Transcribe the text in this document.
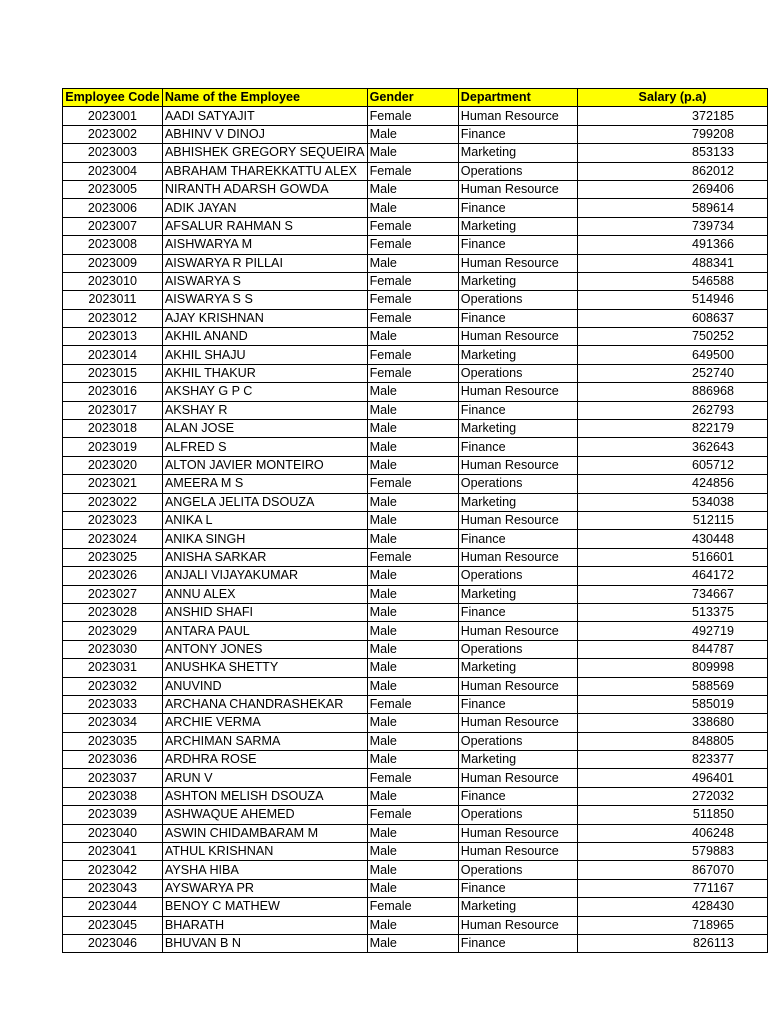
Employee Code	Name of the Employee	Gender	Department	Salary (p.a)
2023001	AADI SATYAJIT	Female	Human Resource	372185
2023002	ABHINV V DINOJ	Male	Finance	799208
2023003	ABHISHEK GREGORY SEQUEIRA	Male	Marketing	853133
2023004	ABRAHAM THAREKKATTU ALEX	Female	Operations	862012
2023005	NIRANTH ADARSH GOWDA	Male	Human Resource	269406
2023006	ADIK JAYAN	Male	Finance	589614
2023007	AFSALUR RAHMAN S	Female	Marketing	739734
2023008	AISHWARYA M	Female	Finance	491366
2023009	AISWARYA R PILLAI	Male	Human Resource	488341
2023010	AISWARYA S	Female	Marketing	546588
2023011	AISWARYA S S	Female	Operations	514946
2023012	AJAY KRISHNAN	Female	Finance	608637
2023013	AKHIL ANAND	Male	Human Resource	750252
2023014	AKHIL SHAJU	Female	Marketing	649500
2023015	AKHIL THAKUR	Female	Operations	252740
2023016	AKSHAY G P C	Male	Human Resource	886968
2023017	AKSHAY R	Male	Finance	262793
2023018	ALAN JOSE	Male	Marketing	822179
2023019	ALFRED S	Male	Finance	362643
2023020	ALTON JAVIER MONTEIRO	Male	Human Resource	605712
2023021	AMEERA M S	Female	Operations	424856
2023022	ANGELA JELITA DSOUZA	Male	Marketing	534038
2023023	ANIKA L	Male	Human Resource	512115
2023024	ANIKA SINGH	Male	Finance	430448
2023025	ANISHA SARKAR	Female	Human Resource	516601
2023026	ANJALI VIJAYAKUMAR	Male	Operations	464172
2023027	ANNU ALEX	Male	Marketing	734667
2023028	ANSHID SHAFI	Male	Finance	513375
2023029	ANTARA PAUL	Male	Human Resource	492719
2023030	ANTONY JONES	Male	Operations	844787
2023031	ANUSHKA SHETTY	Male	Marketing	809998
2023032	ANUVIND	Male	Human Resource	588569
2023033	ARCHANA CHANDRASHEKAR	Female	Finance	585019
2023034	ARCHIE VERMA	Male	Human Resource	338680
2023035	ARCHIMAN SARMA	Male	Operations	848805
2023036	ARDHRA ROSE	Male	Marketing	823377
2023037	ARUN V	Female	Human Resource	496401
2023038	ASHTON MELISH DSOUZA	Male	Finance	272032
2023039	ASHWAQUE AHEMED	Female	Operations	511850
2023040	ASWIN CHIDAMBARAM M	Male	Human Resource	406248
2023041	ATHUL KRISHNAN	Male	Human Resource	579883
2023042	AYSHA HIBA	Male	Operations	867070
2023043	AYSWARYA PR	Male	Finance	771167
2023044	BENOY C MATHEW	Female	Marketing	428430
2023045	BHARATH	Male	Human Resource	718965
2023046	BHUVAN B N	Male	Finance	826113
